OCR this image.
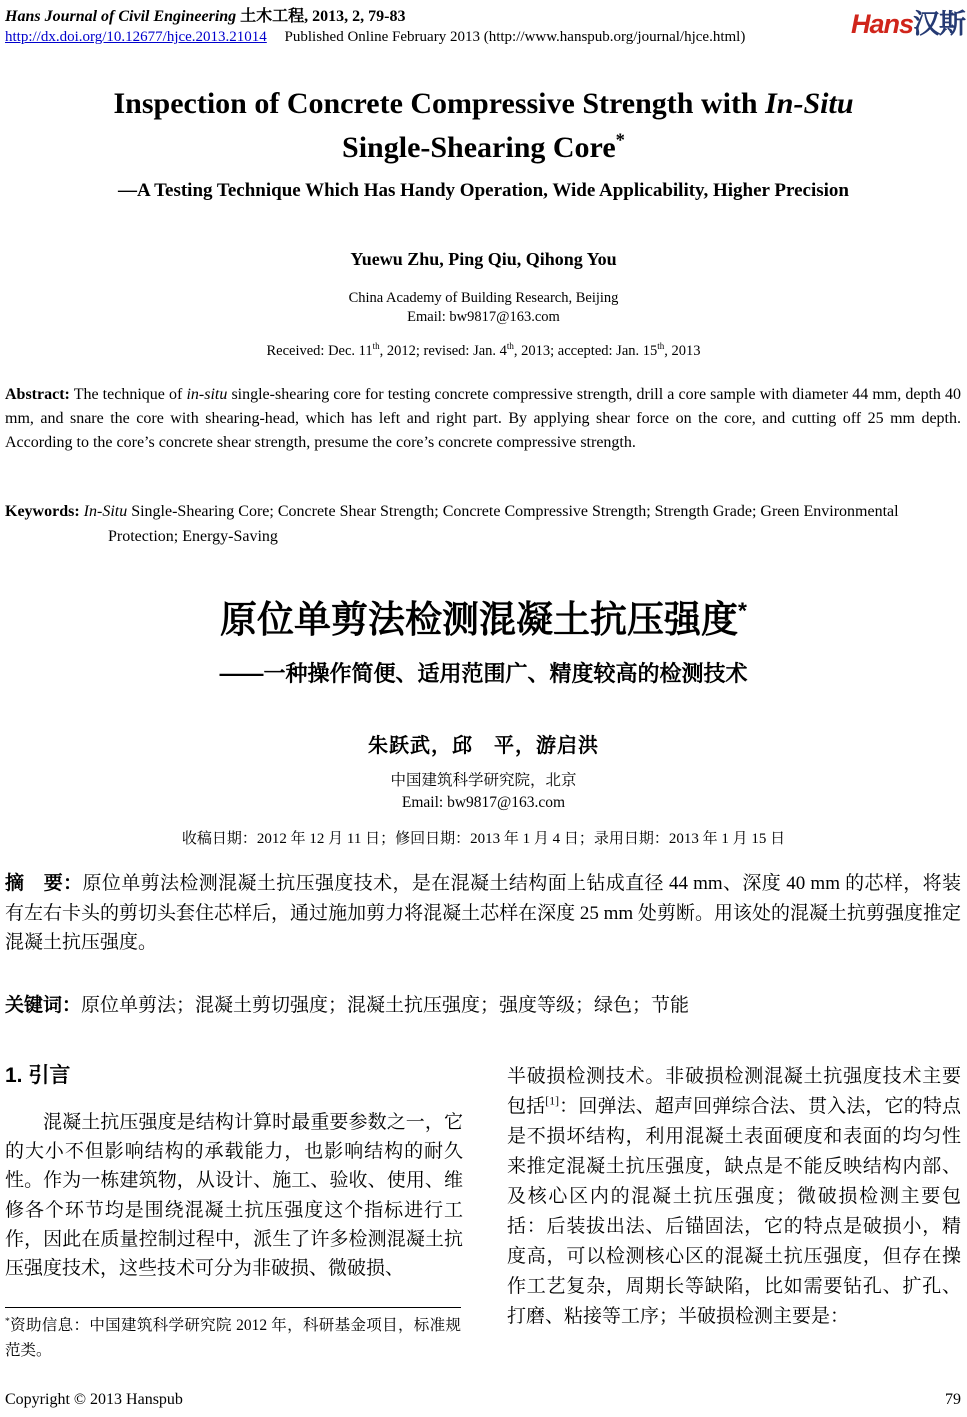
Hans Journal of Civil Engineering 土木工程, 2013, 2, 79-83
http://dx.doi.org/10.12677/hjce.2013.21014 Published Online February 2013 (http://www.hanspub.org/journal/hjce.html)	Hans汉斯
Inspection of Concrete Compressive Strength with In-Situ
Single-Shearing Core*
—A Testing Technique Which Has Handy Operation, Wide Applicability, Higher Precision
Yuewu Zhu, Ping Qiu, Qihong You
China Academy of Building Research, Beijing
Email: bw9817@163.com
Received: Dec. 11th, 2012; revised: Jan. 4th, 2013; accepted: Jan. 15th, 2013
Abstract: The technique of in-situ single-shearing core for testing concrete compressive strength, drill a core sample with diameter 44 mm, depth 40 mm, and snare the core with shearing-head, which has left and right part. By applying shear force on the core, and cutting off 25 mm depth. According to the core’s concrete shear strength, presume the core’s concrete compressive strength.
Keywords: In-Situ Single-Shearing Core; Concrete Shear Strength; Concrete Compressive Strength; Strength Grade; Green Environmental Protection; Energy-Saving
原位单剪法检测混凝土抗压强度*
——一种操作简便、适用范围广、精度较高的检测技术
朱跃武，邱　平，游启洪
中国建筑科学研究院，北京
Email: bw9817@163.com
收稿日期：2012 年 12 月 11 日；修回日期：2013 年 1 月 4 日；录用日期：2013 年 1 月 15 日
摘　要：原位单剪法检测混凝土抗压强度技术，是在混凝土结构面上钻成直径 44 mm、深度 40 mm 的芯样，将装有左右卡头的剪切头套住芯样后，通过施加剪力将混凝土芯样在深度 25 mm 处剪断。用该处的混凝土抗剪强度推定混凝土抗压强度。
关键词：原位单剪法；混凝土剪切强度；混凝土抗压强度；强度等级；绿色；节能
1. 引言
混凝土抗压强度是结构计算时最重要参数之一，它的大小不但影响结构的承载能力，也影响结构的耐久性。作为一栋建筑物，从设计、施工、验收、使用、维修各个环节均是围绕混凝土抗压强度这个指标进行工作，因此在质量控制过程中，派生了许多检测混凝土抗压强度技术，这些技术可分为非破损、微破损、
半破损检测技术。非破损检测混凝土抗强度技术主要包括[1]：回弹法、超声回弹综合法、贯入法，它的特点是不损坏结构，利用混凝土表面硬度和表面的均匀性来推定混凝土抗压强度，缺点是不能反映结构内部、及核心区内的混凝土抗压强度；微破损检测主要包括：后装拔出法、后锚固法，它的特点是破损小，精度高，可以检测核心区的混凝土抗压强度，但存在操作工艺复杂，周期长等缺陷，比如需要钻孔、扩孔、打磨、粘接等工序；半破损检测主要是：
*资助信息：中国建筑科学研究院 2012 年，科研基金项目，标准规范类。
Copyright © 2013 Hanspub	79
